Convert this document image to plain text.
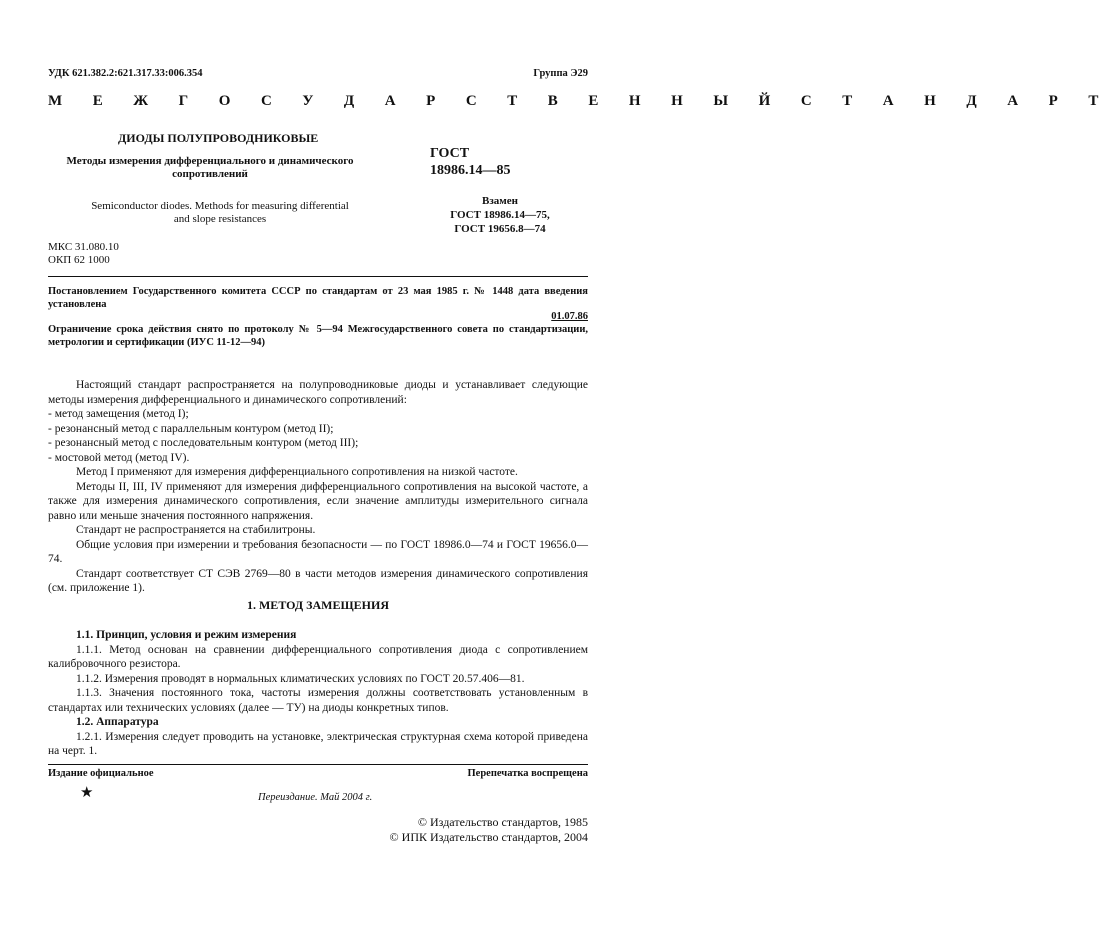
УДК 621.382.2:621.317.33:006.354	Группа Э29
М Е Ж Г О С У Д А Р С Т В Е Н Н Ы Й С Т А Н Д А Р Т
ДИОДЫ ПОЛУПРОВОДНИКОВЫЕ
Методы измерения дифференциального и динамического
сопротивлений
Semiconductor diodes. Methods for measuring differential
and slope resistances
ГОСТ
18986.14—85
Взамен
ГОСТ 18986.14—75,
ГОСТ 19656.8—74
МКС 31.080.10
ОКП 62 1000
Постановлением Государственного комитета СССР по стандартам от 23 мая 1985 г. № 1448 дата введения установлена
01.07.86
Ограничение срока действия снято по протоколу № 5—94 Межгосударственного совета по стандартизации, метрологии и сертификации (ИУС 11-12—94)

Настоящий стандарт распространяется на полупроводниковые диоды и устанавливает следующие методы измерения дифференциального и динамического сопротивлений:

- метод замещения (метод I);

- резонансный метод с параллельным контуром (метод II);

- резонансный метод с последовательным контуром (метод III);

- мостовой метод (метод IV).

Метод I применяют для измерения дифференциального сопротивления на низкой частоте.

Методы II, III, IV применяют для измерения дифференциального сопротивления на высокой частоте, а также для измерения динамического сопротивления, если значение амплитуды измерительного сигнала равно или меньше значения постоянного напряжения.

Стандарт не распространяется на стабилитроны.

Общие условия при измерении и требования безопасности — по ГОСТ 18986.0—74 и ГОСТ 19656.0—74.

Стандарт соответствует СТ СЭВ 2769—80 в части методов измерения динамического сопротивления (см. приложение 1).

1. МЕТОД ЗАМЕЩЕНИЯ

1.1. Принцип, условия и режим измерения

1.1.1. Метод основан на сравнении дифференциального сопротивления диода с сопротивлением калибровочного резистора.

1.1.2. Измерения проводят в нормальных климатических условиях по ГОСТ 20.57.406—81.

1.1.3. Значения постоянного тока, частоты измерения должны соответствовать установленным в стандартах или технических условиях (далее — ТУ) на диоды конкретных типов.

1.2. Аппаратура

1.2.1. Измерения следует проводить на установке, электрическая структурная схема которой приведена на черт. 1.

Издание официальное	Перепечатка воспрещена
★	Переиздание. Май 2004 г.
© Издательство стандартов, 1985
© ИПК Издательство стандартов, 2004
